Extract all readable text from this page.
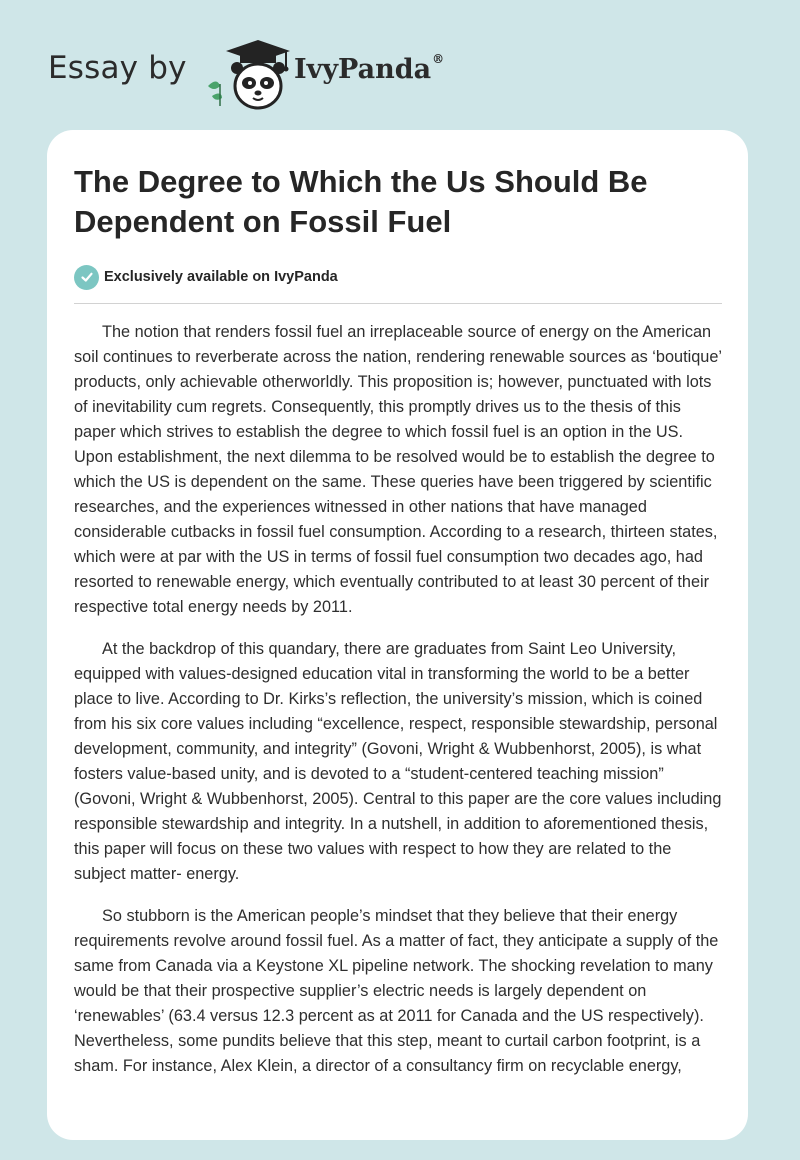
Essay by	IvyPanda®
The Degree to Which the Us Should Be Dependent on Fossil Fuel
Exclusively available on IvyPanda

The notion that renders fossil fuel an irreplaceable source of energy on the American soil continues to reverberate across the nation, rendering renewable sources as ‘boutique’ products, only achievable otherworldly. This proposition is; however, punctuated with lots of inevitability cum regrets. Consequently, this promptly drives us to the thesis of this paper which strives to establish the degree to which fossil fuel is an option in the US. Upon establishment, the next dilemma to be resolved would be to establish the degree to which the US is dependent on the same. These queries have been triggered by scientific researches, and the experiences witnessed in other nations that have managed considerable cutbacks in fossil fuel consumption. According to a research, thirteen states, which were at par with the US in terms of fossil fuel consumption two decades ago, had resorted to renewable energy, which eventually contributed to at least 30 percent of their respective total energy needs by 2011.

At the backdrop of this quandary, there are graduates from Saint Leo University, equipped with values-designed education vital in transforming the world to be a better place to live. According to Dr. Kirks’s reflection, the university’s mission, which is coined from his six core values including “excellence, respect, responsible stewardship, personal development, community, and integrity” (Govoni, Wright & Wubbenhorst, 2005), is what fosters value-based unity, and is devoted to a “student-centered teaching mission” (Govoni, Wright & Wubbenhorst, 2005). Central to this paper are the core values including responsible stewardship and integrity. In a nutshell, in addition to aforementioned thesis, this paper will focus on these two values with respect to how they are related to the subject matter- energy.

So stubborn is the American people’s mindset that they believe that their energy requirements revolve around fossil fuel. As a matter of fact, they anticipate a supply of the same from Canada via a Keystone XL pipeline network. The shocking revelation to many would be that their prospective supplier’s electric needs is largely dependent on ‘renewables’ (63.4 versus 12.3 percent as at 2011 for Canada and the US respectively). Nevertheless, some pundits believe that this step, meant to curtail carbon footprint, is a sham. For instance, Alex Klein, a director of a consultancy firm on recyclable energy,
